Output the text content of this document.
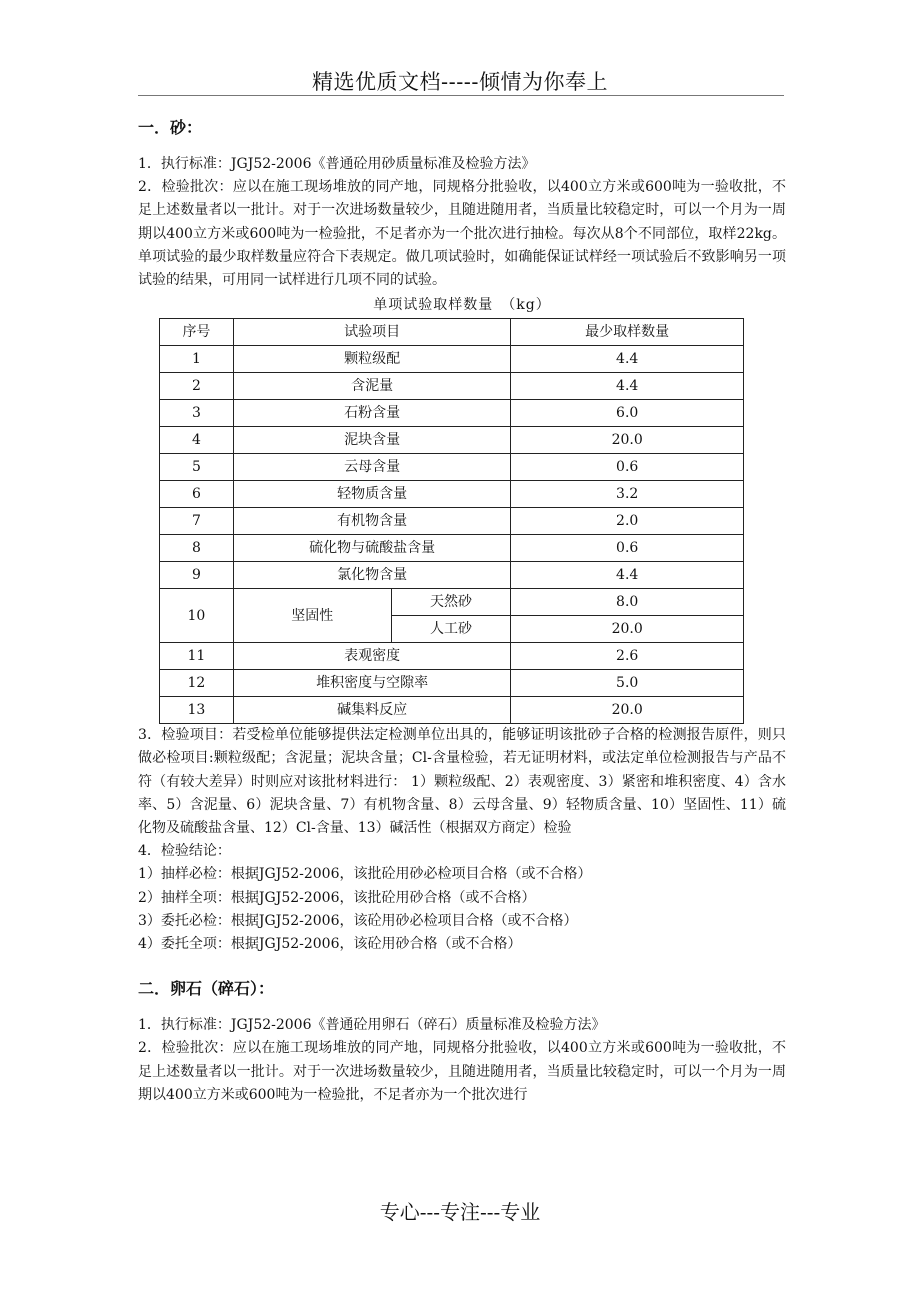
精选优质文档-----倾情为你奉上

一．砂：

1．执行标准：JGJ52-2006《普通砼用砂质量标准及检验方法》

2．检验批次：应以在施工现场堆放的同产地，同规格分批验收，以400立方米或600吨为一验收批，不足上述数量者以一批计。对于一次进场数量较少，且随进随用者，当质量比较稳定时，可以一个月为一周期以400立方米或600吨为一检验批，不足者亦为一个批次进行抽检。每次从8个不同部位，取样22kg。单项试验的最少取样数量应符合下表规定。做几项试验时，如确能保证试样经一项试验后不致影响另一项试验的结果，可用同一试样进行几项不同的试验。

单项试验取样数量　（kg）

序号	试验项目		最少取样数量
1	颗粒级配		4.4
2	含泥量		4.4
3	石粉含量		6.0
4	泥块含量		20.0
5	云母含量		0.6
6	轻物质含量		3.2
7	有机物含量		2.0
8	硫化物与硫酸盐含量		0.6
9	氯化物含量		4.4
10	坚固性	天然砂	8.0
		人工砂	20.0
11	表观密度		2.6
12	堆积密度与空隙率		5.0
13	碱集料反应		20.0

3．检验项目：若受检单位能够提供法定检测单位出具的，能够证明该批砂子合格的检测报告原件，则只做必检项目:颗粒级配；含泥量；泥块含量；Cl-含量检验，若无证明材料，或法定单位检测报告与产品不符（有较大差异）时则应对该批材料进行： 1）颗粒级配、2）表观密度、3）紧密和堆积密度、4）含水率、5）含泥量、6）泥块含量、7）有机物含量、8）云母含量、9）轻物质含量、10）坚固性、11）硫化物及硫酸盐含量、12）Cl-含量、13）碱活性（根据双方商定）检验

4．检验结论：

1）抽样必检：根据JGJ52-2006，该批砼用砂必检项目合格（或不合格）

2）抽样全项：根据JGJ52-2006，该批砼用砂合格（或不合格）

3）委托必检：根据JGJ52-2006，该砼用砂必检项目合格（或不合格）

4）委托全项：根据JGJ52-2006，该砼用砂合格（或不合格）

二．卵石（碎石）：

1．执行标准：JGJ52-2006《普通砼用卵石（碎石）质量标准及检验方法》

2．检验批次：应以在施工现场堆放的同产地，同规格分批验收，以400立方米或600吨为一验收批，不足上述数量者以一批计。对于一次进场数量较少，且随进随用者，当质量比较稳定时，可以一个月为一周期以400立方米或600吨为一检验批，不足者亦为一个批次进行

专心---专注---专业
